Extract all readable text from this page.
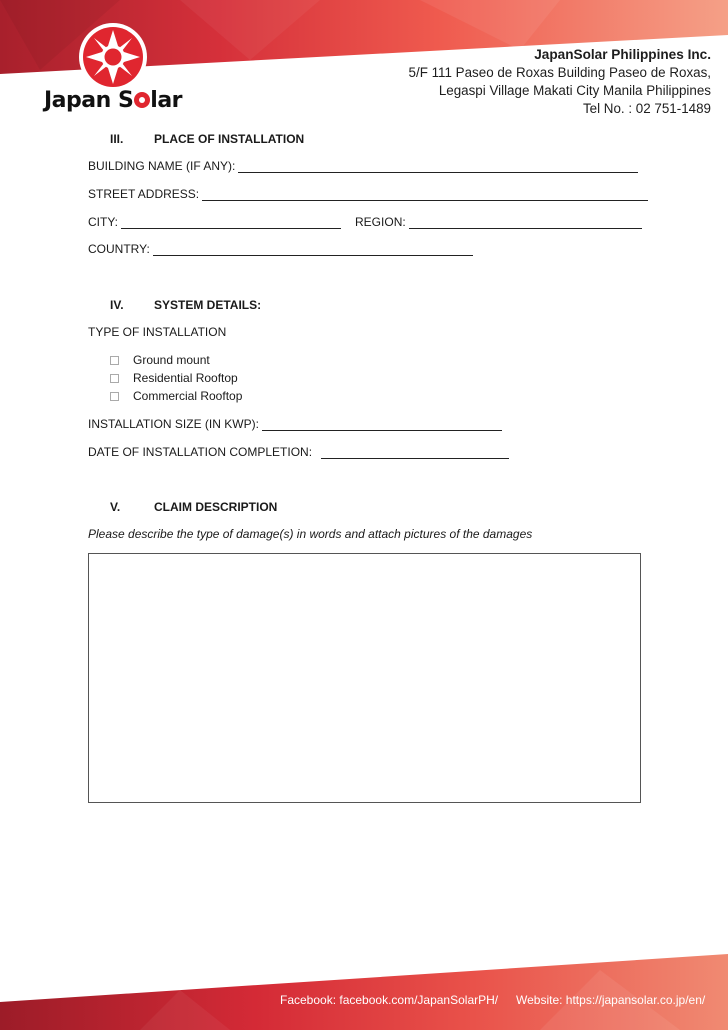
Japan S lar
JapanSolar Philippines Inc.
5/F 111 Paseo de Roxas Building Paseo de Roxas,
Legaspi Village Makati City Manila Philippines
Tel No. : 02 751-1489
III.	PLACE OF INSTALLATION
BUILDING NAME (IF ANY):
STREET ADDRESS:
CITY:	REGION:
COUNTRY:
IV.	SYSTEM DETAILS:
TYPE OF INSTALLATION
Ground mount
Residential Rooftop
Commercial Rooftop
INSTALLATION SIZE (IN KWP):
DATE OF INSTALLATION COMPLETION:
V.	CLAIM DESCRIPTION
Please describe the type of damage(s) in words and attach pictures of the damages
Facebook: facebook.com/JapanSolarPH/ Website: https://japansolar.co.jp/en/
